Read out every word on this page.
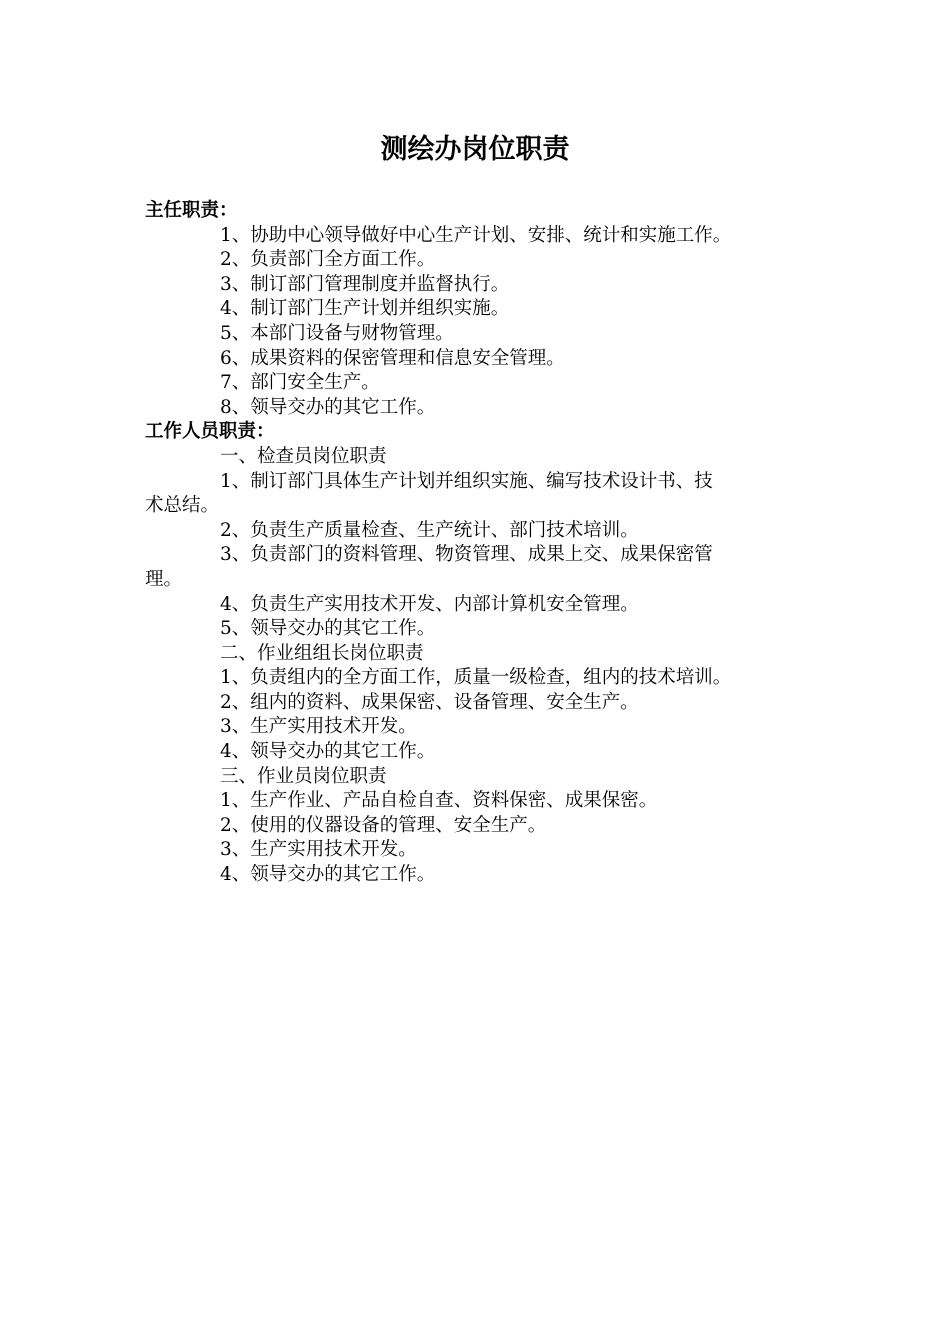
测绘办岗位职责
主任职责：
1、协助中心领导做好中心生产计划、安排、统计和实施工作。
2、负责部门全方面工作。
3、制订部门管理制度并监督执行。
4、制订部门生产计划并组织实施。
5、本部门设备与财物管理。
6、成果资料的保密管理和信息安全管理。
7、部门安全生产。
8、领导交办的其它工作。
工作人员职责：
一、检查员岗位职责
1、制订部门具体生产计划并组织实施、编写技术设计书、技
术总结。
2、负责生产质量检查、生产统计、部门技术培训。
3、负责部门的资料管理、物资管理、成果上交、成果保密管
理。
4、负责生产实用技术开发、内部计算机安全管理。
5、领导交办的其它工作。
二、作业组组长岗位职责
1、负责组内的全方面工作，质量一级检查，组内的技术培训。
2、组内的资料、成果保密、设备管理、安全生产。
3、生产实用技术开发。
4、领导交办的其它工作。
三、作业员岗位职责
1、生产作业、产品自检自查、资料保密、成果保密。
2、使用的仪器设备的管理、安全生产。
3、生产实用技术开发。
4、领导交办的其它工作。
